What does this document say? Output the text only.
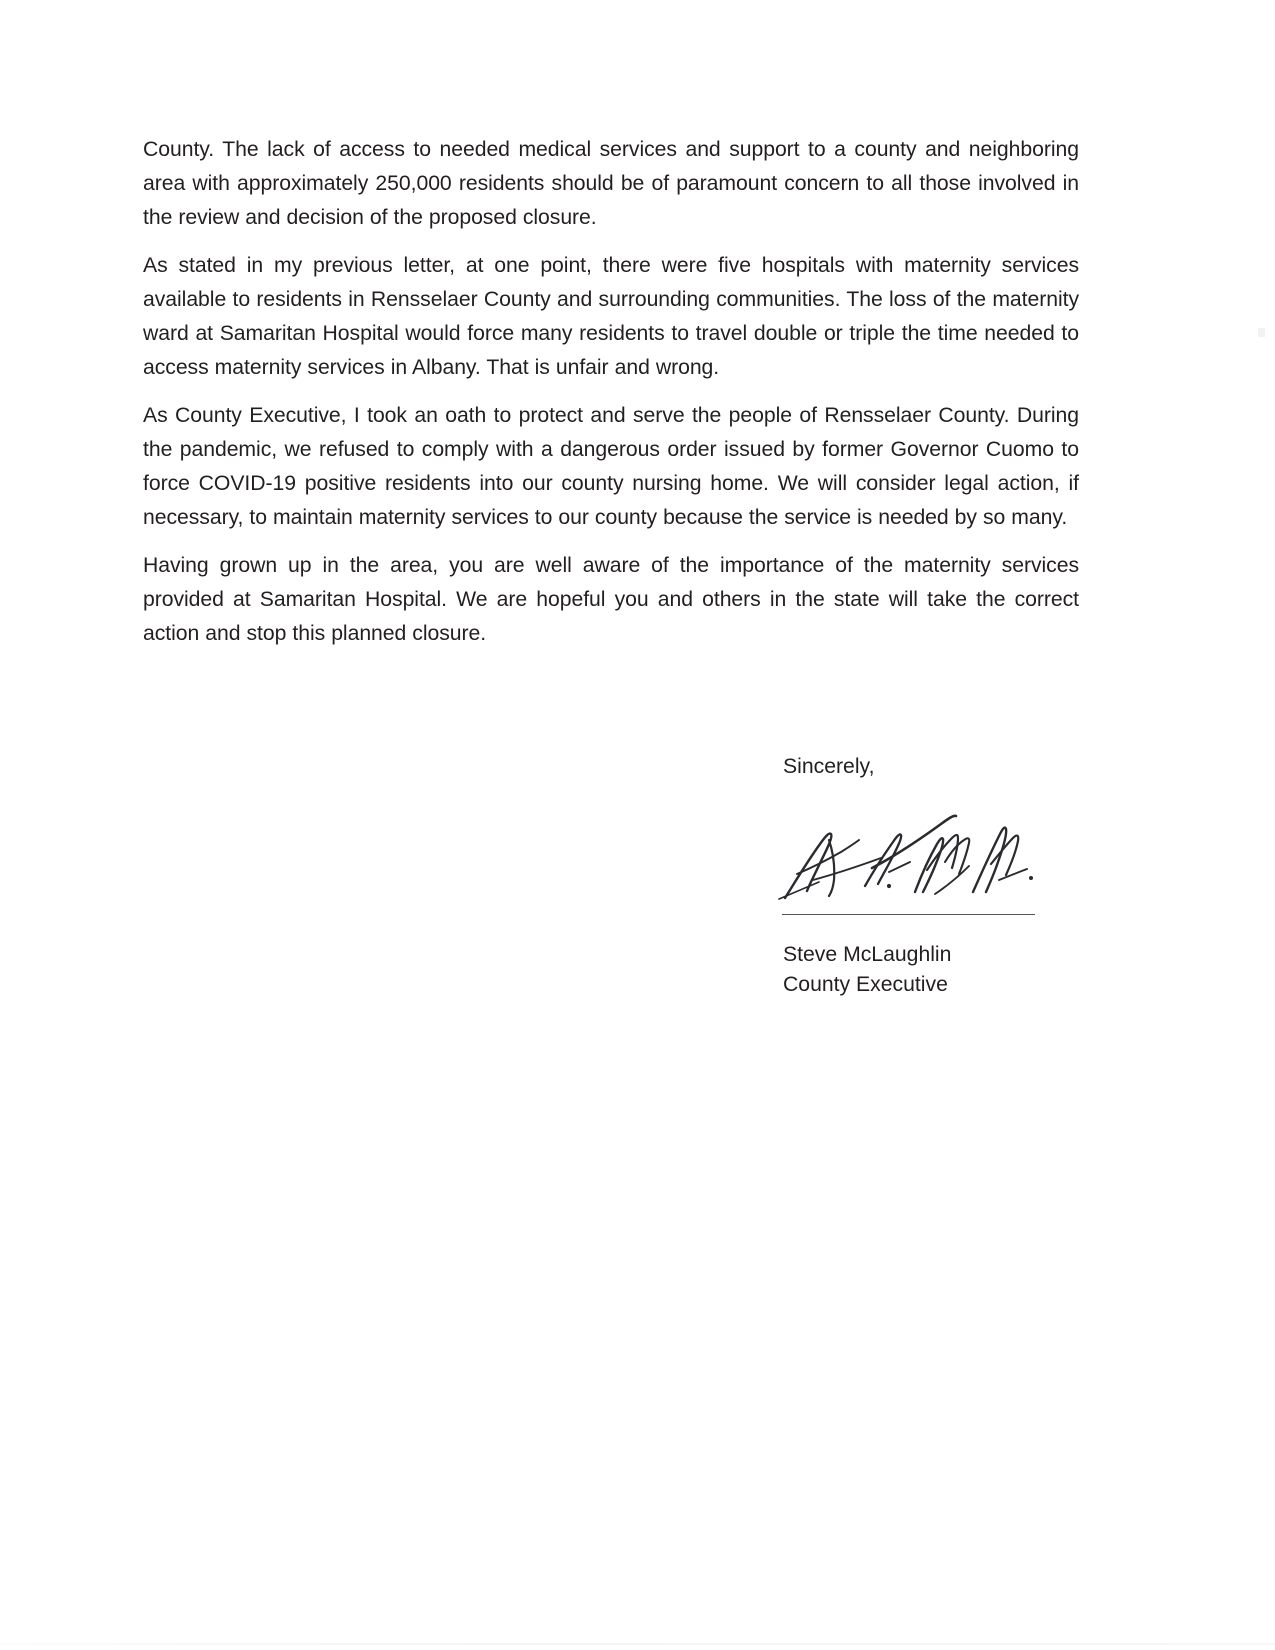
County. The lack of access to needed medical services and support to a county and neighboring area with approximately 250,000 residents should be of paramount concern to all those involved in the review and decision of the proposed closure.

As stated in my previous letter, at one point, there were five hospitals with maternity services available to residents in Rensselaer County and surrounding communities. The loss of the maternity ward at Samaritan Hospital would force many residents to travel double or triple the time needed to access maternity services in Albany. That is unfair and wrong.

As County Executive, I took an oath to protect and serve the people of Rensselaer County. During the pandemic, we refused to comply with a dangerous order issued by former Governor Cuomo to force COVID-19 positive residents into our county nursing home. We will consider legal action, if necessary, to maintain maternity services to our county because the service is needed by so many.

Having grown up in the area, you are well aware of the importance of the maternity services provided at Samaritan Hospital. We are hopeful you and others in the state will take the correct action and stop this planned closure.

Sincerely,

Steve McLaughlin

County Executive
